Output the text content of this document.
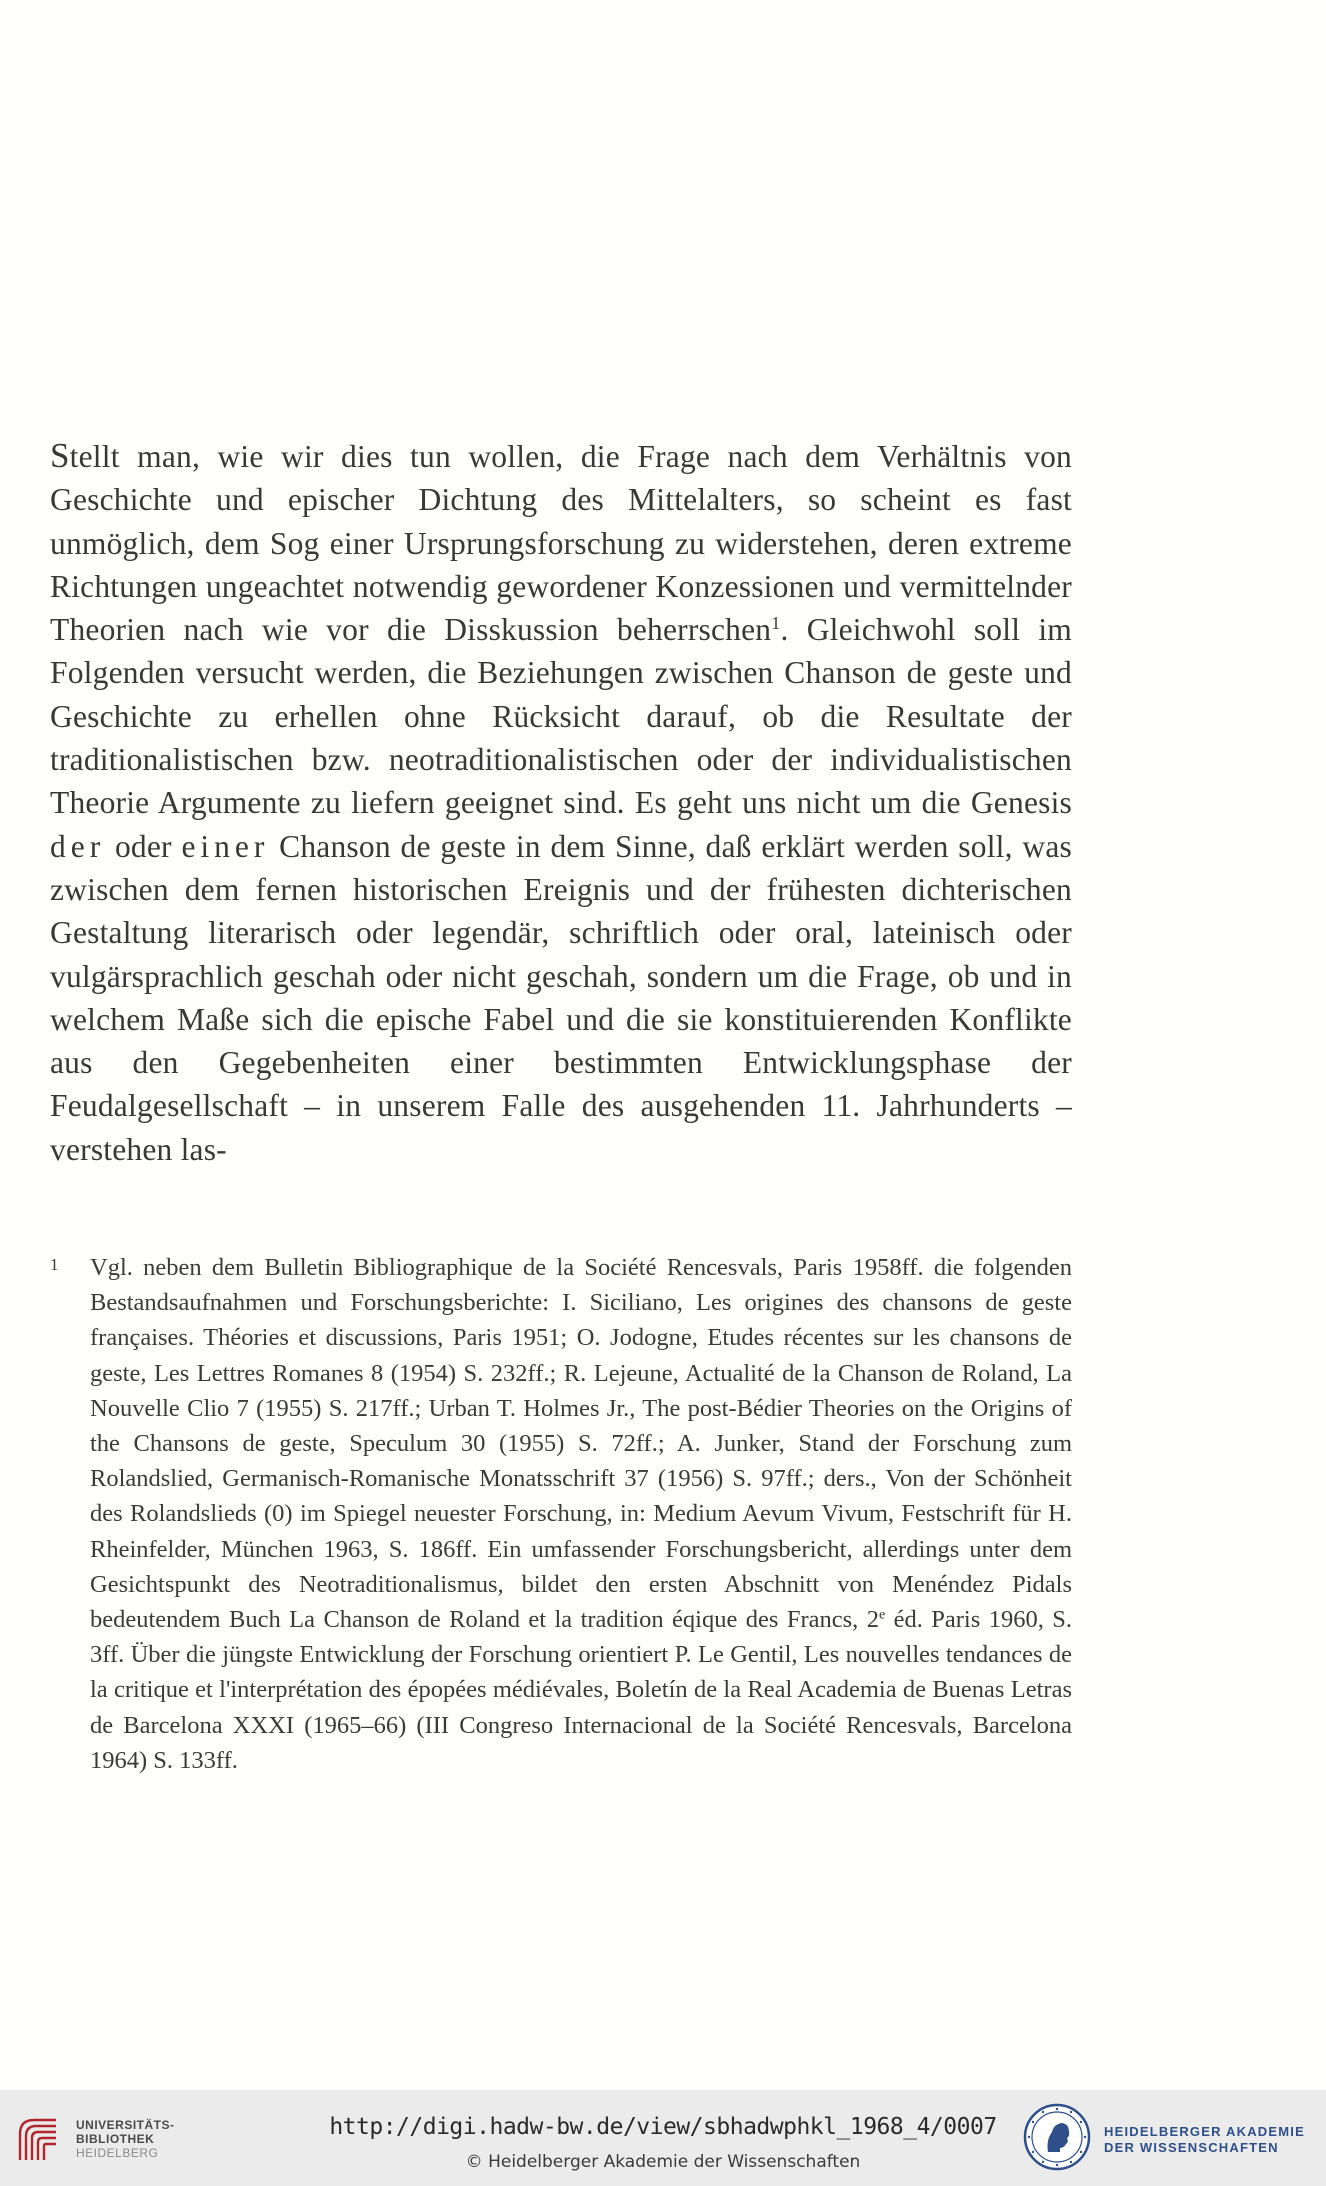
Stellt man, wie wir dies tun wollen, die Frage nach dem Verhältnis von Geschichte und epischer Dichtung des Mittelalters, so scheint es fast unmöglich, dem Sog einer Ursprungsforschung zu widerstehen, deren extreme Richtungen ungeachtet notwendig gewordener Konzessionen und vermittelnder Theorien nach wie vor die Disskussion beherrschen$^1$. Gleichwohl soll im Folgenden versucht werden, die Beziehungen zwischen Chanson de geste und Geschichte zu erhellen ohne Rücksicht darauf, ob die Resultate der traditionalistischen bzw. neotraditionalistischen oder der individualistischen Theorie Argumente zu liefern geeignet sind. Es geht uns nicht um die Genesis der oder einer Chanson de geste in dem Sinne, daß erklärt werden soll, was zwischen dem fernen historischen Ereignis und der frühesten dichterischen Gestaltung literarisch oder legendär, schriftlich oder oral, lateinisch oder vulgärsprachlich geschah oder nicht geschah, sondern um die Frage, ob und in welchem Maße sich die epische Fabel und die sie konstituierenden Konflikte aus den Gegebenheiten einer bestimmten Entwicklungsphase der Feudalgesellschaft – in unserem Falle des ausgehenden 11. Jahrhunderts – verstehen las-

1 Vgl. neben dem Bulletin Bibliographique de la Société Rencesvals, Paris 1958ff. die folgenden Bestandsaufnahmen und Forschungsberichte: I. Siciliano, Les origines des chansons de geste françaises. Théories et discussions, Paris 1951; O. Jodogne, Etudes récentes sur les chansons de geste, Les Lettres Romanes 8 (1954) S. 232ff.; R. Lejeune, Actualité de la Chanson de Roland, La Nouvelle Clio 7 (1955) S. 217ff.; Urban T. Holmes Jr., The post-Bédier Theories on the Origins of the Chansons de geste, Speculum 30 (1955) S. 72ff.; A. Junker, Stand der Forschung zum Rolandslied, Germanisch-Romanische Monatsschrift 37 (1956) S. 97ff.; ders., Von der Schönheit des Rolandslieds (0) im Spiegel neuester Forschung, in: Medium Aevum Vivum, Festschrift für H. Rheinfelder, München 1963, S. 186ff. Ein umfassender Forschungsbericht, allerdings unter dem Gesichtspunkt des Neotraditionalismus, bildet den ersten Abschnitt von Menéndez Pidals bedeutendem Buch La Chanson de Roland et la tradition éqique des Francs, 2e éd. Paris 1960, S. 3ff. Über die jüngste Entwicklung der Forschung orientiert P. Le Gentil, Les nouvelles tendances de la critique et l'interprétation des épopées médiévales, Boletín de la Real Academia de Buenas Letras de Barcelona XXXI (1965–66) (III Congreso Internacional de la Société Rencesvals, Barcelona 1964) S. 133ff.
UNIVERSITÄTS-
BIBLIOTHEK
HEIDELBERG
http://digi.hadw-bw.de/view/sbhadwphkl_1968_4/0007
© Heidelberger Akademie der Wissenschaften
HEIDELBERGER AKADEMIE
DER WISSENSCHAFTEN
